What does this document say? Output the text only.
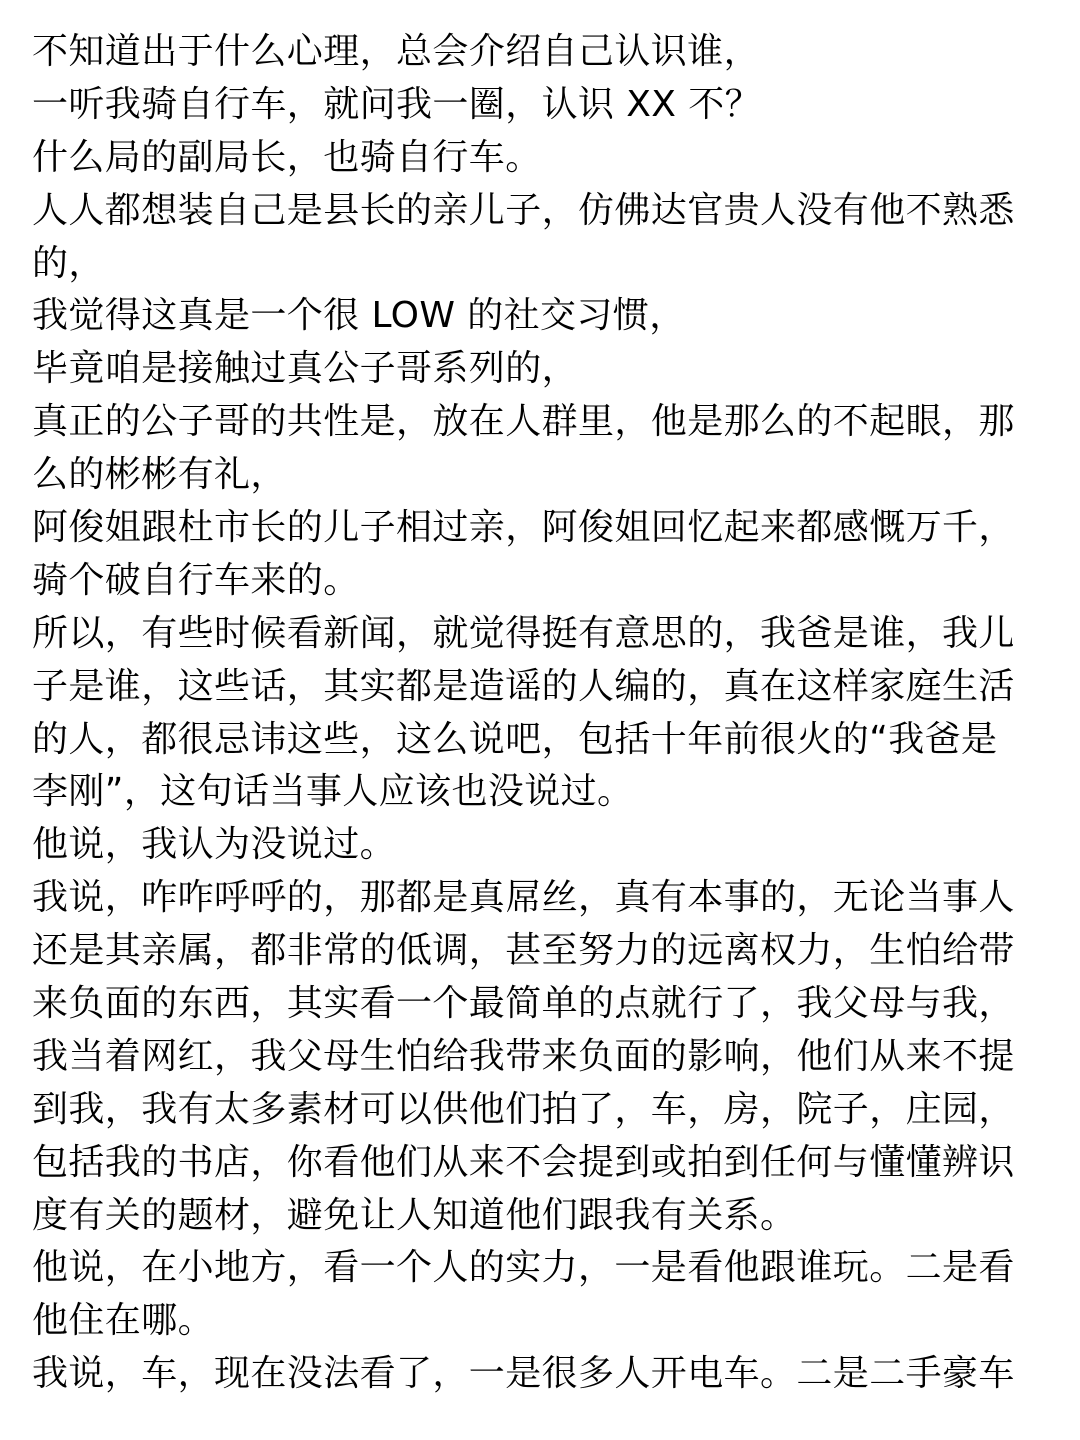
不知道出于什么心理，总会介绍自己认识谁，
一听我骑自行车，就问我一圈，认识 XX 不？
什么局的副局长，也骑自行车。
人人都想装自己是县长的亲儿子，仿佛达官贵人没有他不熟悉
的，
我觉得这真是一个很 LOW 的社交习惯，
毕竟咱是接触过真公子哥系列的，
真正的公子哥的共性是，放在人群里，他是那么的不起眼，那
么的彬彬有礼，
阿俊姐跟杜市长的儿子相过亲，阿俊姐回忆起来都感慨万千，
骑个破自行车来的。
所以，有些时候看新闻，就觉得挺有意思的，我爸是谁，我儿
子是谁，这些话，其实都是造谣的人编的，真在这样家庭生活
的人，都很忌讳这些，这么说吧，包括十年前很火的“我爸是
李刚”，这句话当事人应该也没说过。
他说，我认为没说过。
我说，咋咋呼呼的，那都是真屌丝，真有本事的，无论当事人
还是其亲属，都非常的低调，甚至努力的远离权力，生怕给带
来负面的东西，其实看一个最简单的点就行了，我父母与我，
我当着网红，我父母生怕给我带来负面的影响，他们从来不提
到我，我有太多素材可以供他们拍了，车，房，院子，庄园，
包括我的书店，你看他们从来不会提到或拍到任何与懂懂辨识
度有关的题材，避免让人知道他们跟我有关系。
他说，在小地方，看一个人的实力，一是看他跟谁玩。二是看
他住在哪。
我说，车，现在没法看了，一是很多人开电车。二是二手豪车
